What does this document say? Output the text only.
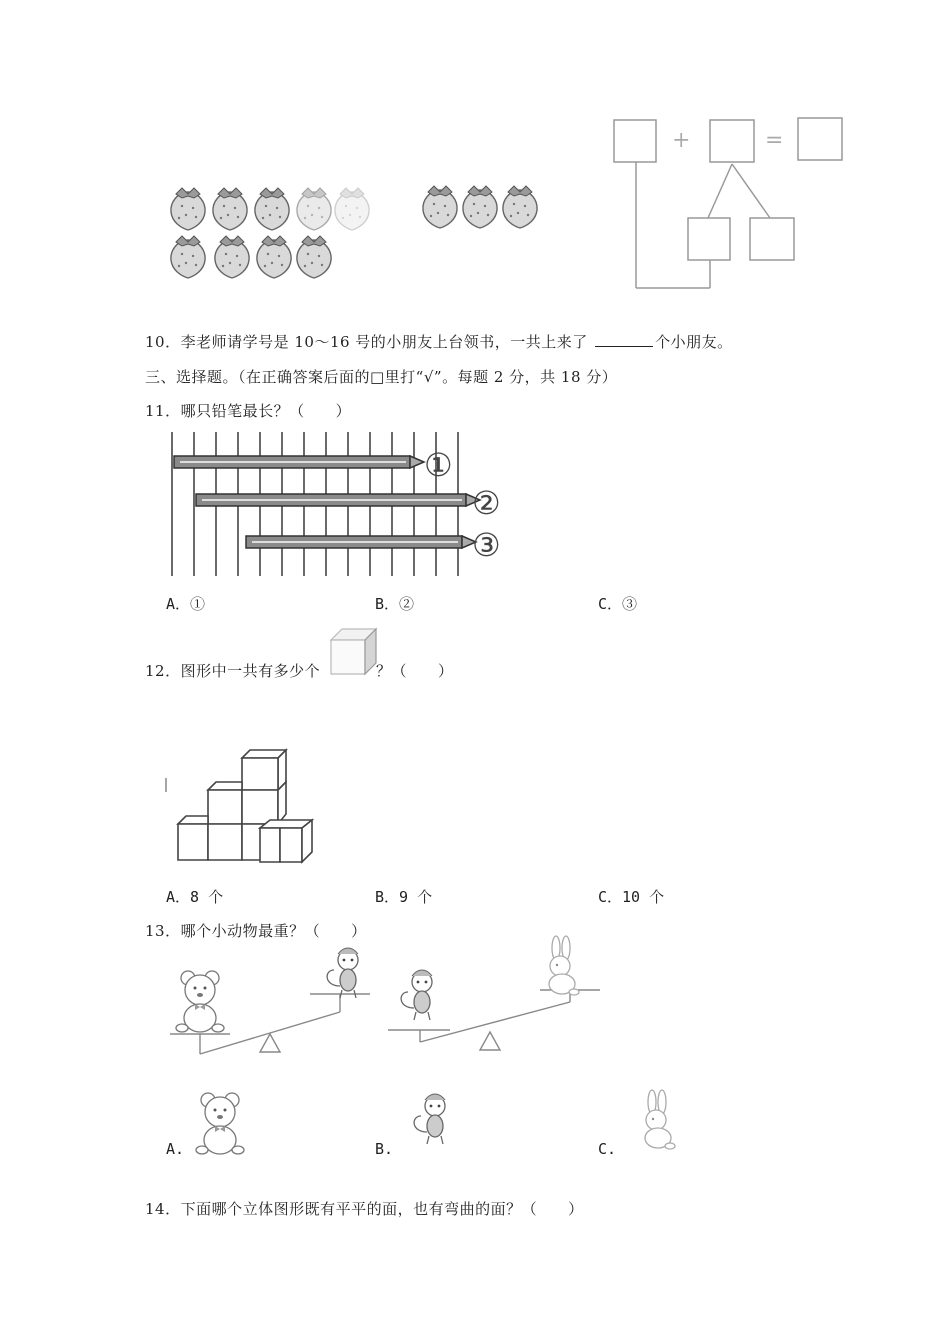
+	=
10．李老师请学号是 10～16 号的小朋友上台领书，一共上来了	个小朋友。
三、选择题。（在正确答案后面的□里打“√”。每题 2 分，共 18 分）
11．哪只铅笔最长？（　　）
①
②
③
A．①	B．②	C．③
12．图形中一共有多少个	？（　　）
A．8 个	B．9 个	C．10 个
13．哪个小动物最重？（　　）
A.	B.	C.
14．下面哪个立体图形既有平平的面，也有弯曲的面？（　　）
